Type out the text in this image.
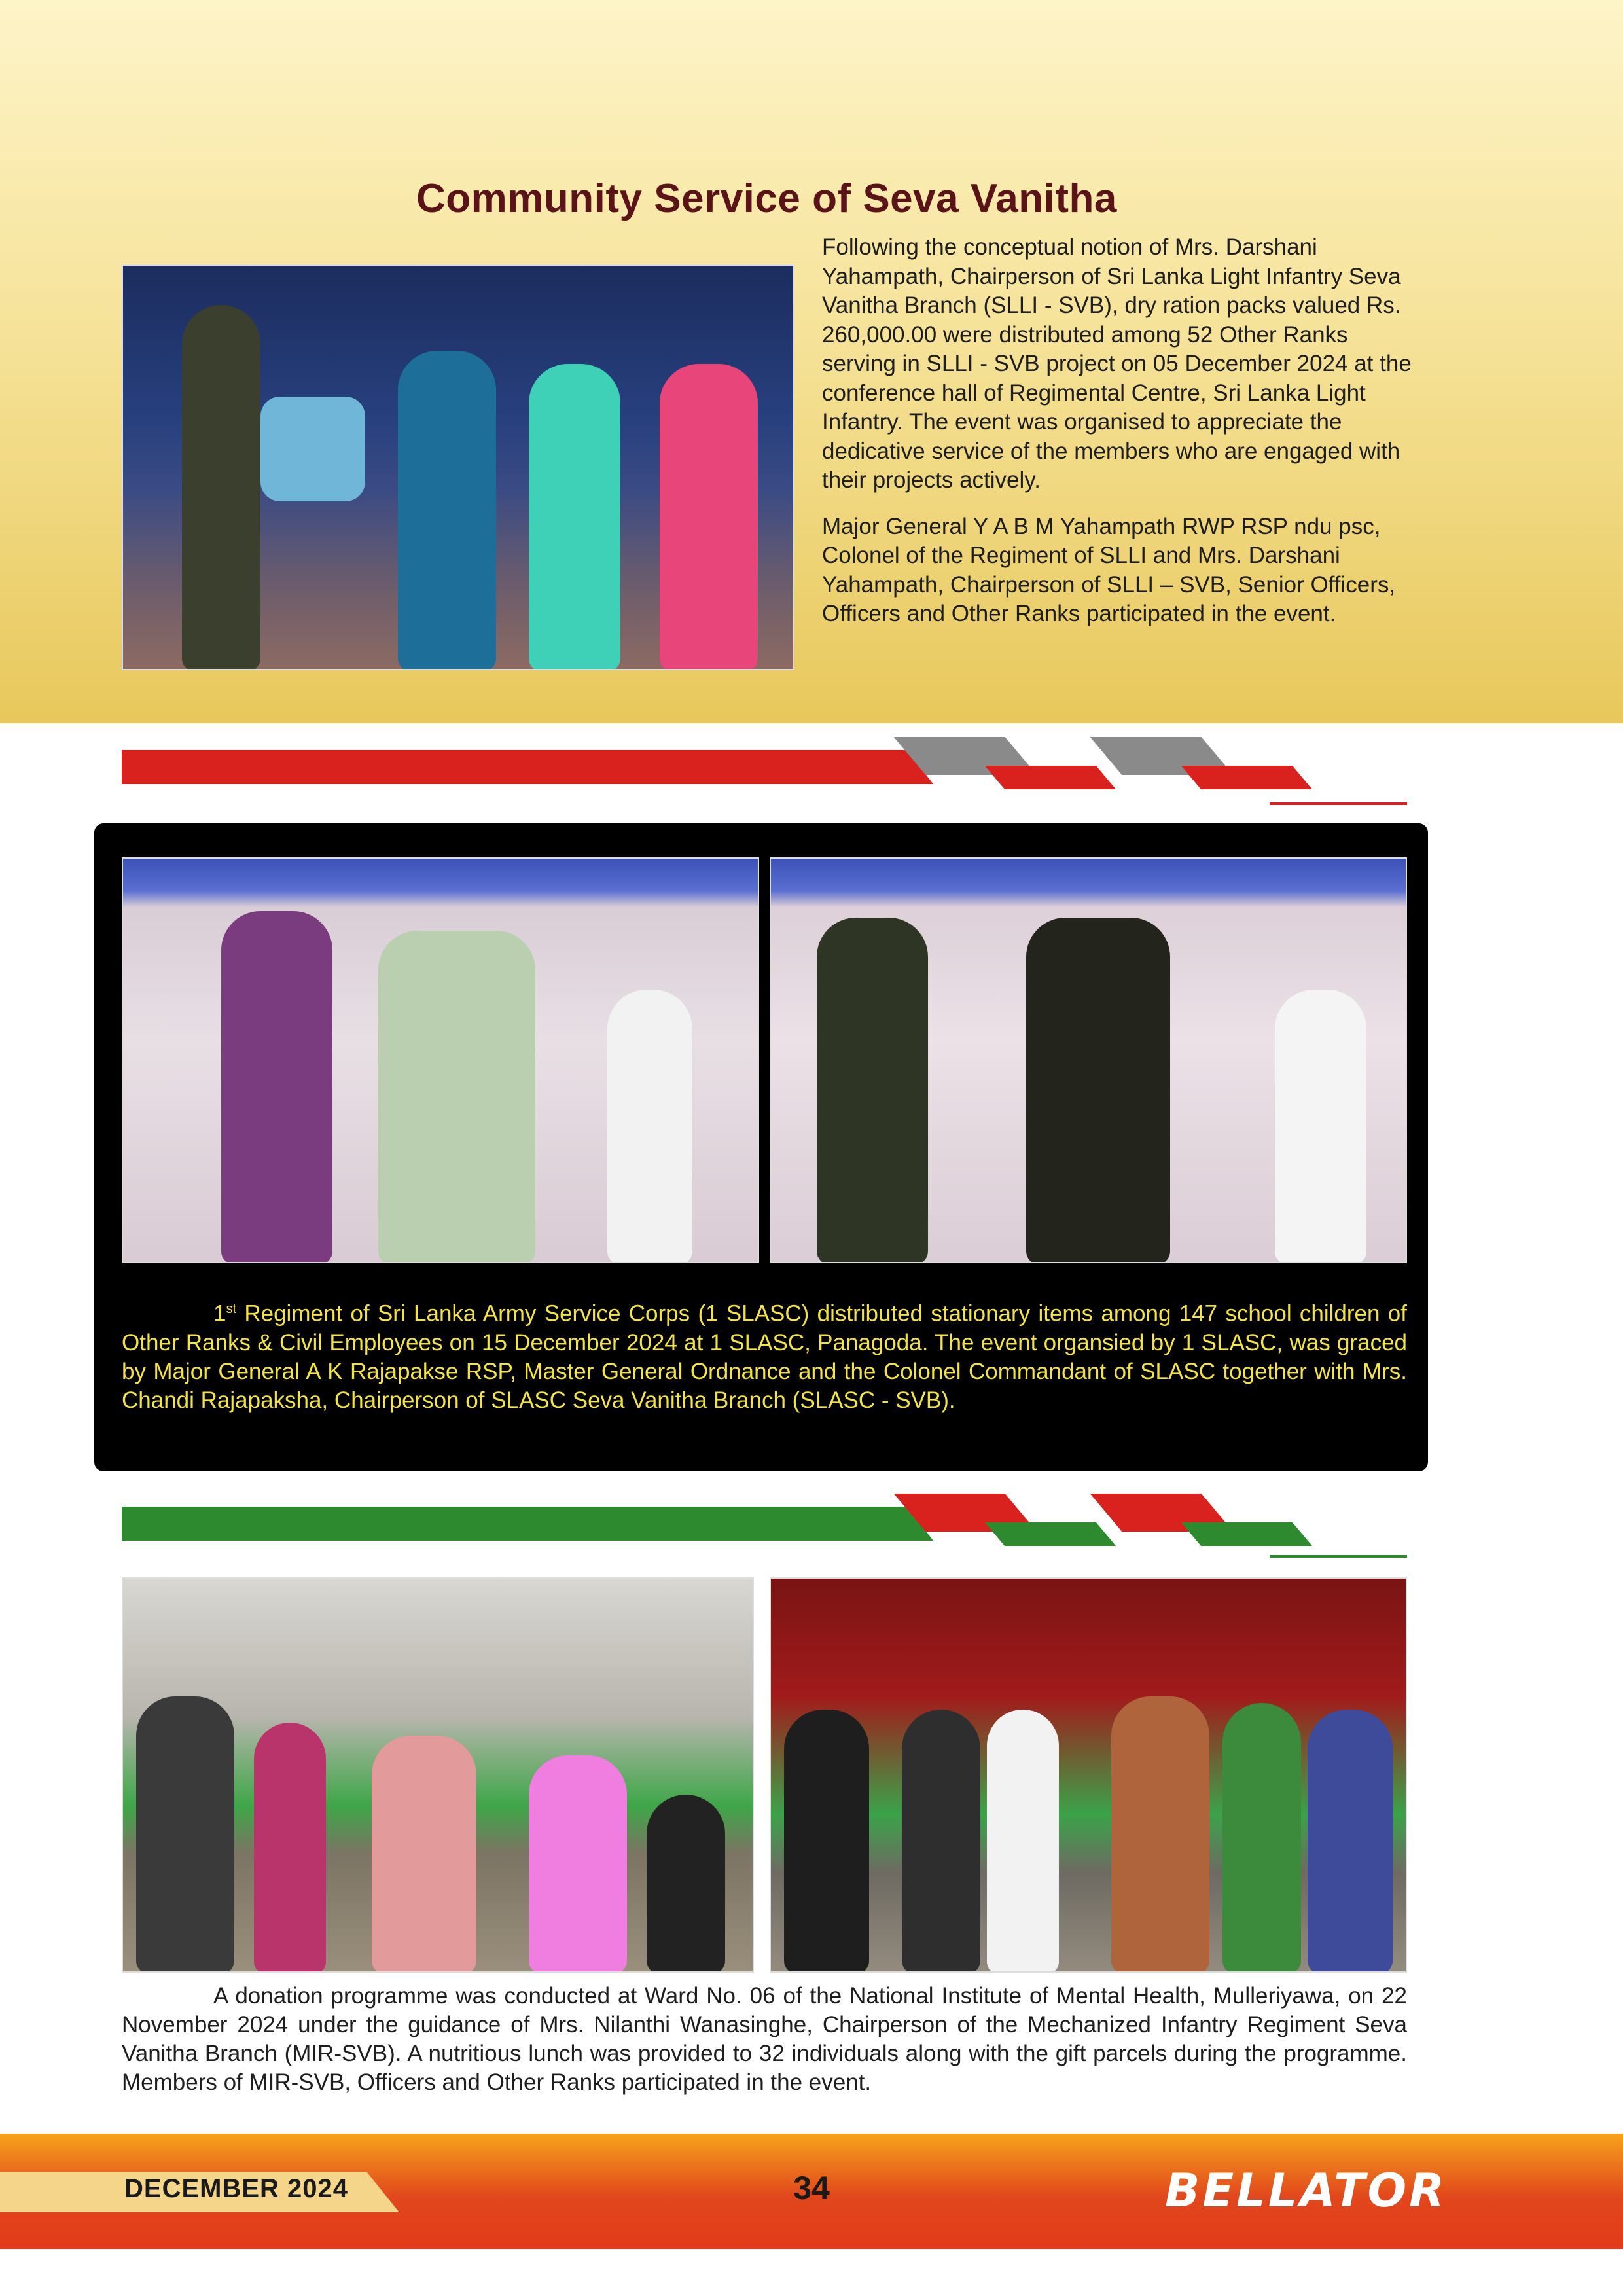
Community Service of Seva Vanitha

Following the conceptual notion of Mrs. Darshani Yahampath, Chairperson of Sri Lanka Light Infantry Seva Vanitha Branch (SLLI - SVB), dry ration packs valued Rs. 260,000.00 were distributed among 52 Other Ranks serving in SLLI - SVB project on 05 December 2024 at the conference hall of Regimental Centre, Sri Lanka Light Infantry. The event was organised to appreciate the dedicative service of the members who are engaged with their projects actively.

Major General Y A B M Yahampath RWP RSP ndu psc, Colonel of the Regiment of SLLI and Mrs. Darshani Yahampath, Chairperson of SLLI – SVB, Senior Officers, Officers and Other Ranks participated in the event.

1st Regiment of Sri Lanka Army Service Corps (1 SLASC) distributed stationary items among 147 school children of Other Ranks & Civil Employees on 15 December 2024 at 1 SLASC, Panagoda. The event organsied by 1 SLASC, was graced by Major General A K Rajapakse RSP, Master General Ordnance and the Colonel Commandant of SLASC together with Mrs. Chandi Rajapaksha, Chairperson of SLASC Seva Vanitha Branch (SLASC - SVB).
A donation programme was conducted at Ward No. 06 of the National Institute of Mental Health, Mulleriyawa, on 22 November 2024 under the guidance of Mrs. Nilanthi Wanasinghe, Chairperson of the Mechanized Infantry Regiment Seva Vanitha Branch (MIR-SVB). A nutritious lunch was provided to 32 individuals along with the gift parcels during the programme. Members of MIR-SVB, Officers and Other Ranks participated in the event.
DECEMBER 2024	34	BELLATOR
